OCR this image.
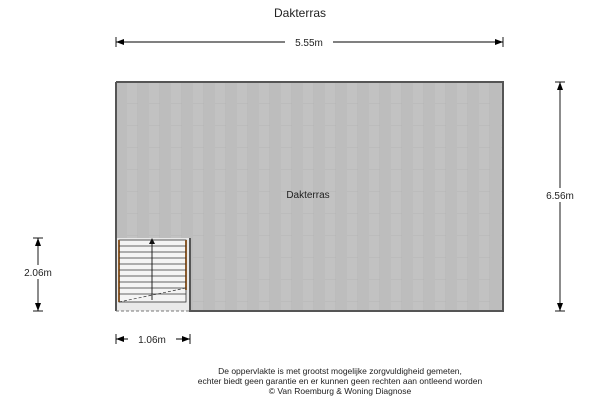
Dakterras
5.55m
6.56m
2.06m
1.06m
Dakterras
De oppervlakte is met grootst mogelijke zorgvuldigheid gemeten,
echter biedt geen garantie en er kunnen geen rechten aan ontleend worden
© Van Roemburg & Woning Diagnose
